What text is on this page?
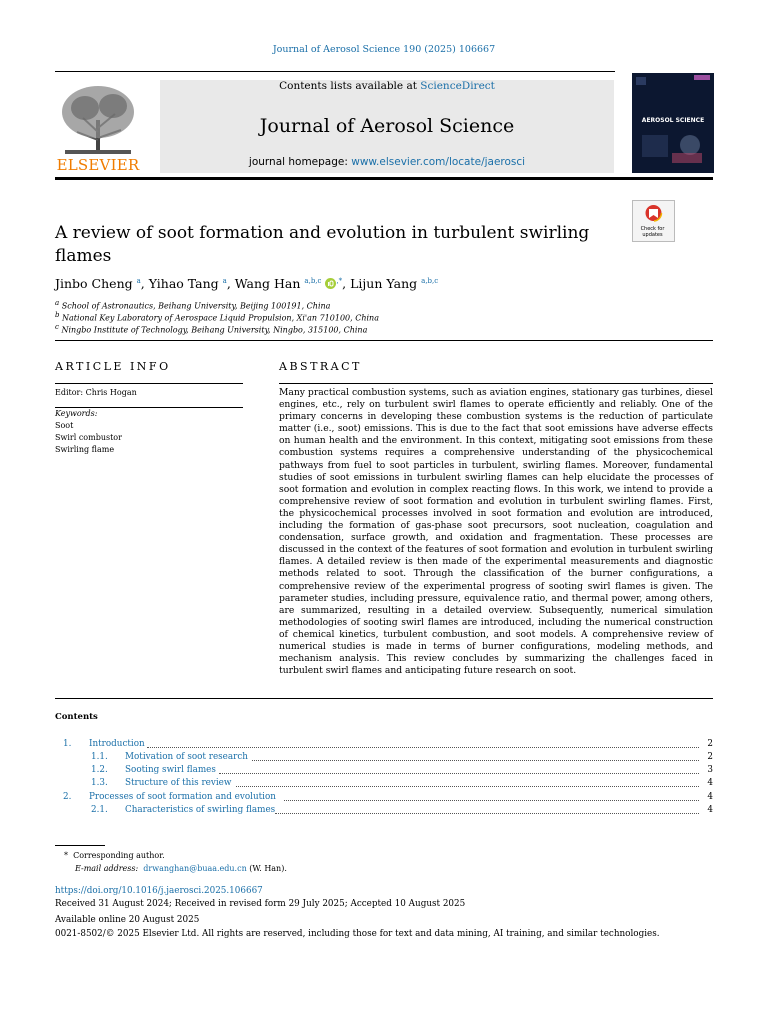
Journal of Aerosol Science 190 (2025) 106667
ELSEVIER
Contents lists available at ScienceDirect
Journal of Aerosol Science
journal homepage: www.elsevier.com/locate/jaerosci
AEROSOL SCIENCE
Check for updates
A review of soot formation and evolution in turbulent swirling flames
Jinbo Cheng $^a$, Yihao Tang $^a$, Wang Han $^{a,b,c}$ ,*, Lijun Yang $^{a,b,c}$
$^a$ School of Astronautics, Beihang University, Beijing 100191, China
$^b$ National Key Laboratory of Aerospace Liquid Propulsion, Xi'an 710100, China
$^c$ Ningbo Institute of Technology, Beihang University, Ningbo, 315100, China
ARTICLE INFO
Editor: Chris Hogan
Keywords:
Soot
Swirl combustor
Swirling flame
ABSTRACT
Many practical combustion systems, such as aviation engines, stationary gas turbines, diesel engines, etc., rely on turbulent swirl flames to operate efficiently and reliably. One of the primary concerns in developing these combustion systems is the reduction of particulate matter (i.e., soot) emissions. This is due to the fact that soot emissions have adverse effects on human health and the environment. In this context, mitigating soot emissions from these combustion systems requires a comprehensive understanding of the physicochemical pathways from fuel to soot particles in turbulent, swirling flames. Moreover, fundamental studies of soot emissions in turbulent swirling flames can help elucidate the processes of soot formation and evolution in complex reacting flows. In this work, we intend to provide a comprehensive review of soot formation and evolution in turbulent swirling flames. First, the physicochemical processes involved in soot formation and evolution are introduced, including the formation of gas-phase soot precursors, soot nucleation, coagulation and condensation, surface growth, and oxidation and fragmentation. These processes are discussed in the context of the features of soot formation and evolution in turbulent swirling flames. A detailed review is then made of the experimental measurements and diagnostic methods related to soot. Through the classification of the burner configurations, a comprehensive review of the experimental progress of sooting swirl flames is given. The parameter studies, including pressure, equivalence ratio, and thermal power, among others, are summarized, resulting in a detailed overview. Subsequently, numerical simulation methodologies of sooting swirl flames are introduced, including the numerical construction of chemical kinetics, turbulent combustion, and soot models. A comprehensive review of numerical studies is made in terms of burner configurations, modeling methods, and mechanism analysis. This review concludes by summarizing the challenges faced in turbulent swirl flames and anticipating future research on soot.
Contents
1. Introduction	2
1.1. Motivation of soot research	2
1.2. Sooting swirl flames	3
1.3. Structure of this review	4
2. Processes of soot formation and evolution	4
2.1. Characteristics of swirling flames	4
* Corresponding author.
E-mail address: drwanghan@buaa.edu.cn (W. Han).
https://doi.org/10.1016/j.jaerosci.2025.106667
Received 31 August 2024; Received in revised form 29 July 2025; Accepted 10 August 2025
Available online 20 August 2025
0021-8502/© 2025 Elsevier Ltd. All rights are reserved, including those for text and data mining, AI training, and similar technologies.
